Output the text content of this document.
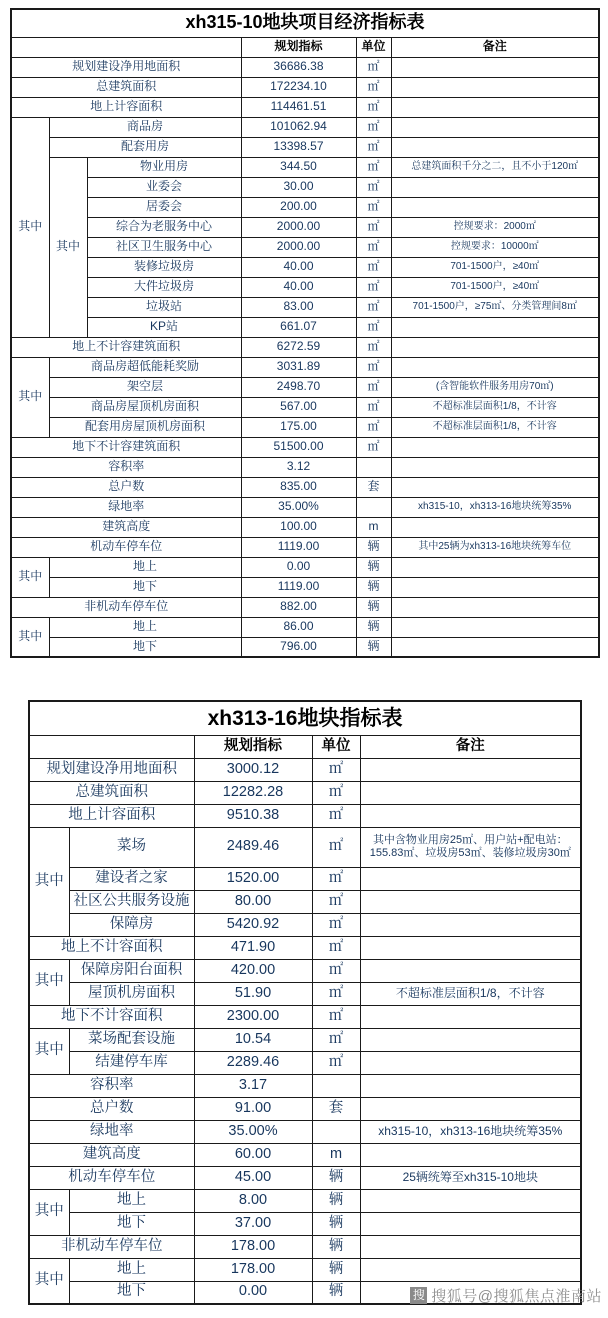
xh315-10地块项目经济指标表					
			规划指标	单位	备注
规划建设净用地面积			36686.38	㎡	
总建筑面积			172234.10	㎡	
地上计容面积			114461.51	㎡	
其中	商品房		101062.94	㎡	
	配套用房		13398.57	㎡	
	其中	物业用房	344.50	㎡	总建筑面积千分之二，且不小于120㎡
		业委会	30.00	㎡	
		居委会	200.00	㎡	
		综合为老服务中心	2000.00	㎡	控规要求：2000㎡
		社区卫生服务中心	2000.00	㎡	控规要求：10000㎡
		装修垃圾房	40.00	㎡	701-1500户，≥40㎡
		大件垃圾房	40.00	㎡	701-1500户，≥40㎡
		垃圾站	83.00	㎡	701-1500户，≥75㎡、分类管理间8㎡
		KP站	661.07	㎡	
地上不计容建筑面积			6272.59	㎡	
其中	商品房超低能耗奖励		3031.89	㎡	
	架空层		2498.70	㎡	(含智能软件服务用房70㎡)
	商品房屋顶机房面积		567.00	㎡	不超标准层面积1/8，不计容
	配套用房屋顶机房面积		175.00	㎡	不超标准层面积1/8，不计容
地下不计容建筑面积			51500.00	㎡	
容积率			3.12		
总户数			835.00	套	
绿地率			35.00%		xh315-10，xh313-16地块统筹35%
建筑高度			100.00	m	
机动车停车位			1119.00	辆	其中25辆为xh313-16地块统筹车位
其中	地上		0.00	辆	
	地下		1119.00	辆	
非机动车停车位			882.00	辆	
其中	地上		86.00	辆	
	地下		796.00	辆	
xh313-16地块指标表				
		规划指标	单位	备注
规划建设净用地面积		3000.12	㎡	
总建筑面积		12282.28	㎡	
地上计容面积		9510.38	㎡	
其中	菜场	2489.46	㎡	其中含物业用房25㎡、用户站+配电站：155.83㎡、垃圾房53㎡、装修垃圾房30㎡
	建设者之家	1520.00	㎡	
	社区公共服务设施	80.00	㎡	
	保障房	5420.92	㎡	
地上不计容面积		471.90	㎡	
其中	保障房阳台面积	420.00	㎡	
	屋顶机房面积	51.90	㎡	不超标准层面积1/8，不计容
地下不计容面积		2300.00	㎡	
其中	菜场配套设施	10.54	㎡	
	结建停车库	2289.46	㎡	
容积率		3.17		
总户数		91.00	套	
绿地率		35.00%		xh315-10，xh313-16地块统筹35%
建筑高度		60.00	m	
机动车停车位		45.00	辆	25辆统筹至xh315-10地块
其中	地上	8.00	辆	
	地下	37.00	辆	
非机动车停车位		178.00	辆	
其中	地上	178.00	辆	
	地下	0.00	辆		搜 搜狐号@搜狐焦点淮南站
